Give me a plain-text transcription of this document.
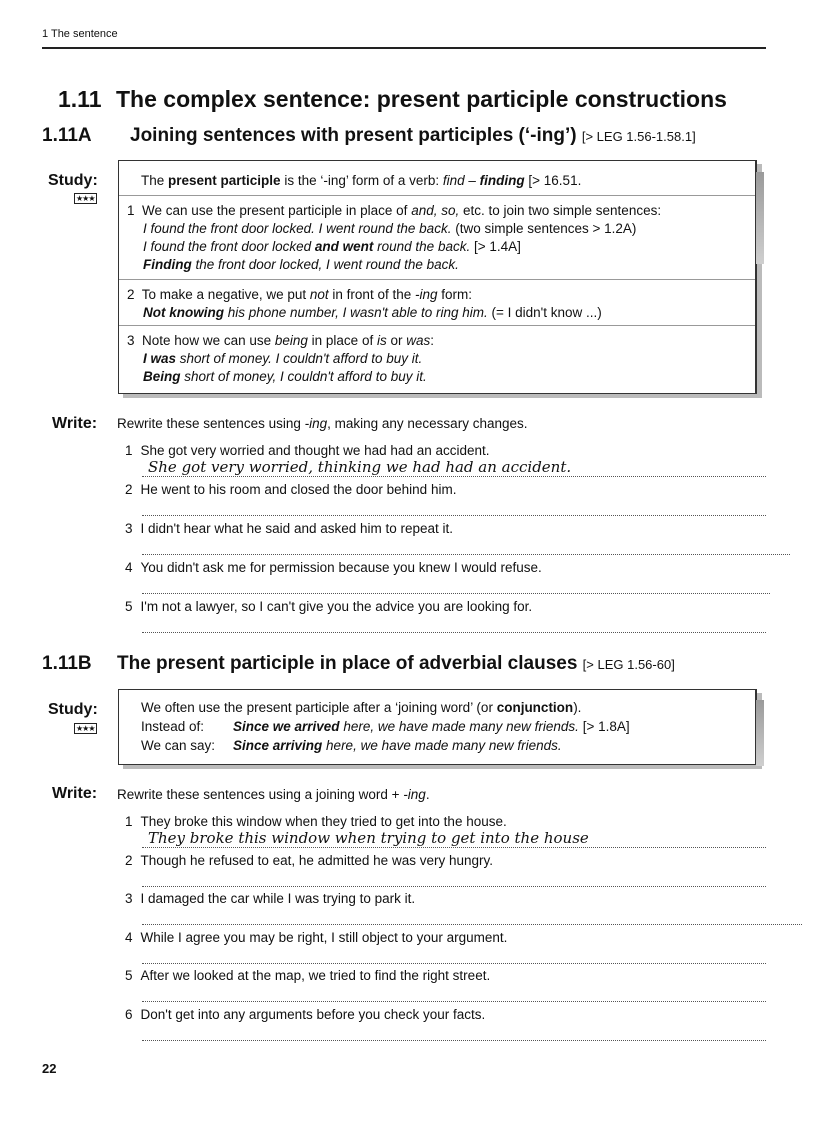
1 The sentence
1.11 The complex sentence: present participle constructions
1.11A Joining sentences with present participles (‘-ing’) [> LEG 1.56-1.58.1]
Study:
★★★
The present participle is the ‘-ing’ form of a verb: find – finding [> 16.51.
1 We can use the present participle in place of and, so, etc. to join two simple sentences:
I found the front door locked. I went round the back. (two simple sentences > 1.2A)
I found the front door locked and went round the back. [> 1.4A]
Finding the front door locked, I went round the back.
2 To make a negative, we put not in front of the -ing form:
Not knowing his phone number, I wasn't able to ring him. (= I didn't know ...)
3 Note how we can use being in place of is or was:
I was short of money. I couldn't afford to buy it.
Being short of money, I couldn't afford to buy it.
Write: Rewrite these sentences using -ing, making any necessary changes.
1 She got very worried and thought we had had an accident.
She got very worried, thinking we had had an accident.
2 He went to his room and closed the door behind him.
3 I didn't hear what he said and asked him to repeat it.
4 You didn't ask me for permission because you knew I would refuse.
5 I'm not a lawyer, so I can't give you the advice you are looking for.
1.11B The present participle in place of adverbial clauses [> LEG 1.56-60]
Study:
★★★
We often use the present participle after a ‘joining word’ (or conjunction).
Instead of: Since we arrived here, we have made many new friends. [> 1.8A]
We can say: Since arriving here, we have made many new friends.
Write: Rewrite these sentences using a joining word + -ing.
1 They broke this window when they tried to get into the house.
They broke this window when trying to get into the house
2 Though he refused to eat, he admitted he was very hungry.
3 I damaged the car while I was trying to park it.
4 While I agree you may be right, I still object to your argument.
5 After we looked at the map, we tried to find the right street.
6 Don't get into any arguments before you check your facts.
22
